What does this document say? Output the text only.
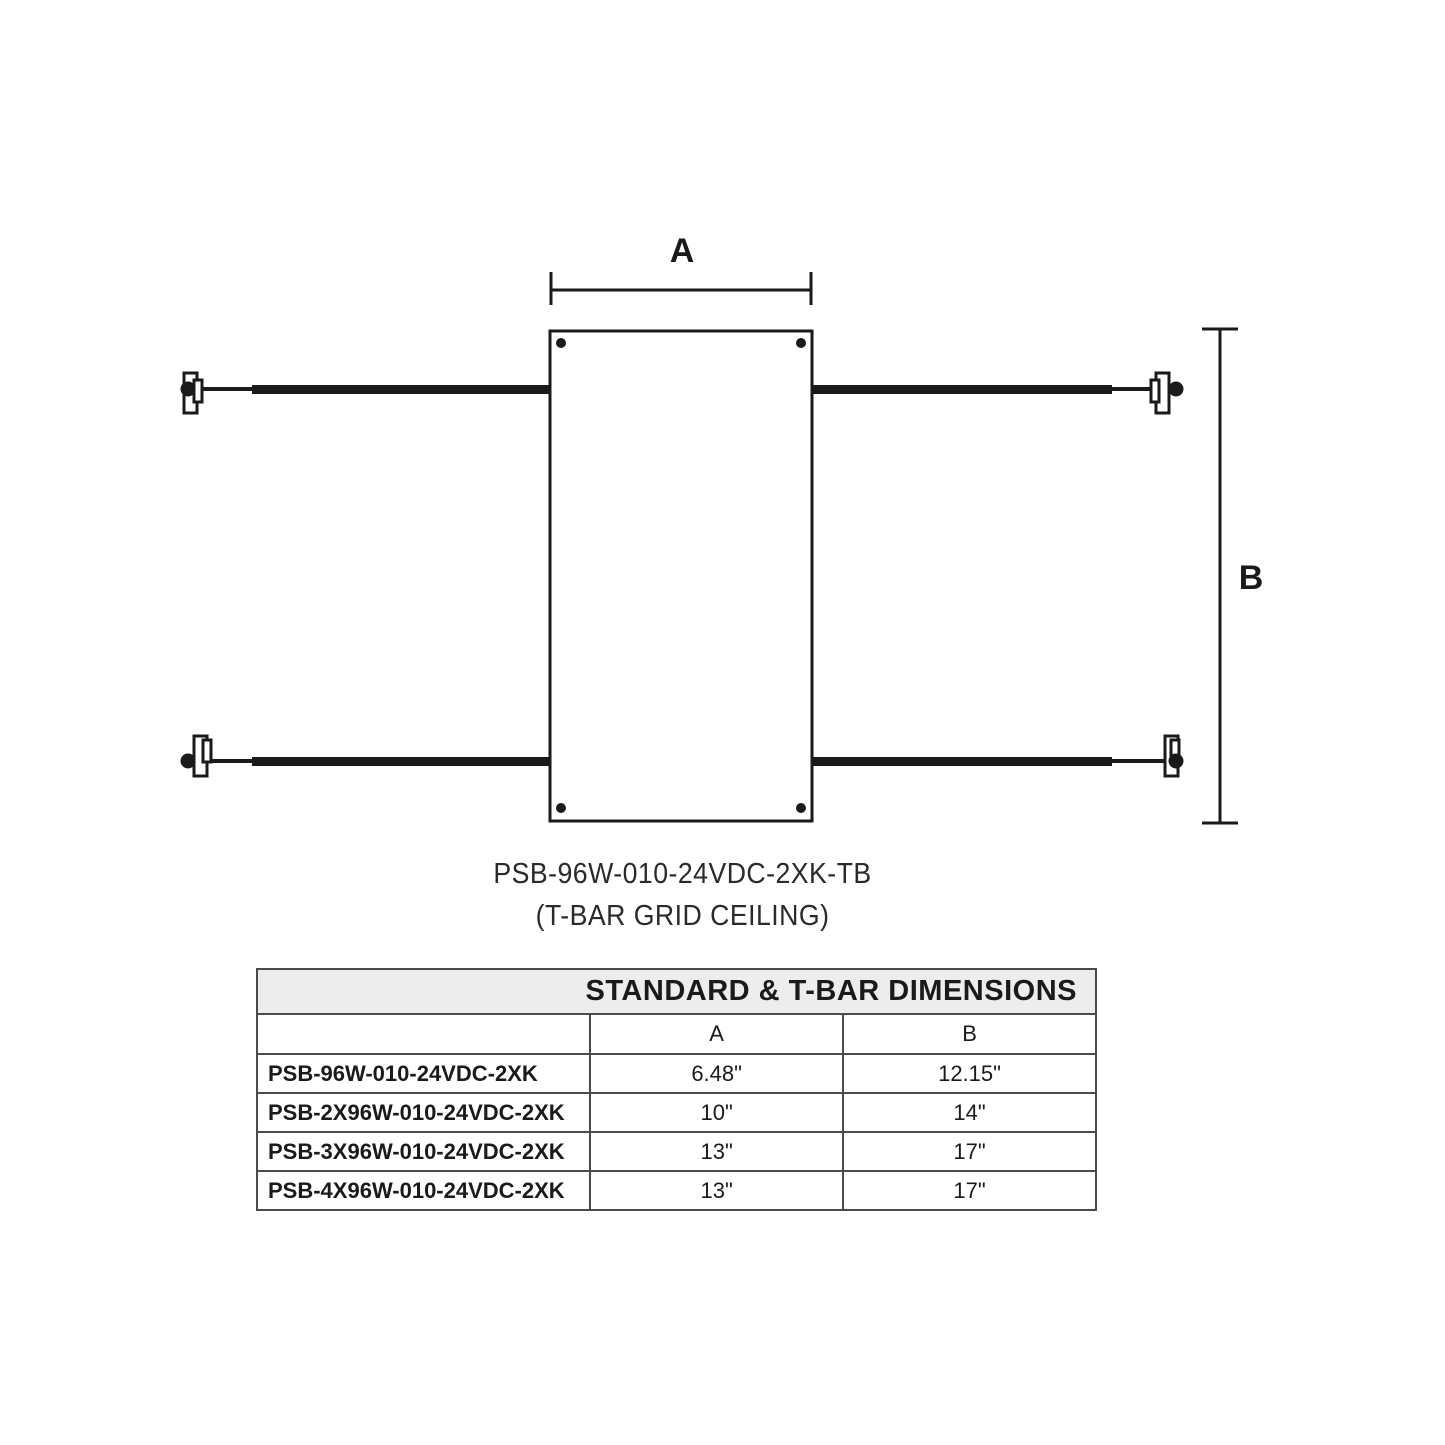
A
B
PSB-96W-010-24VDC-2XK-TB
(T-BAR GRID CEILING)
STANDARD & T-BAR DIMENSIONS		
	A	B
PSB-96W-010-24VDC-2XK	6.48"	12.15"
PSB-2X96W-010-24VDC-2XK	10"	14"
PSB-3X96W-010-24VDC-2XK	13"	17"
PSB-4X96W-010-24VDC-2XK	13"	17"
